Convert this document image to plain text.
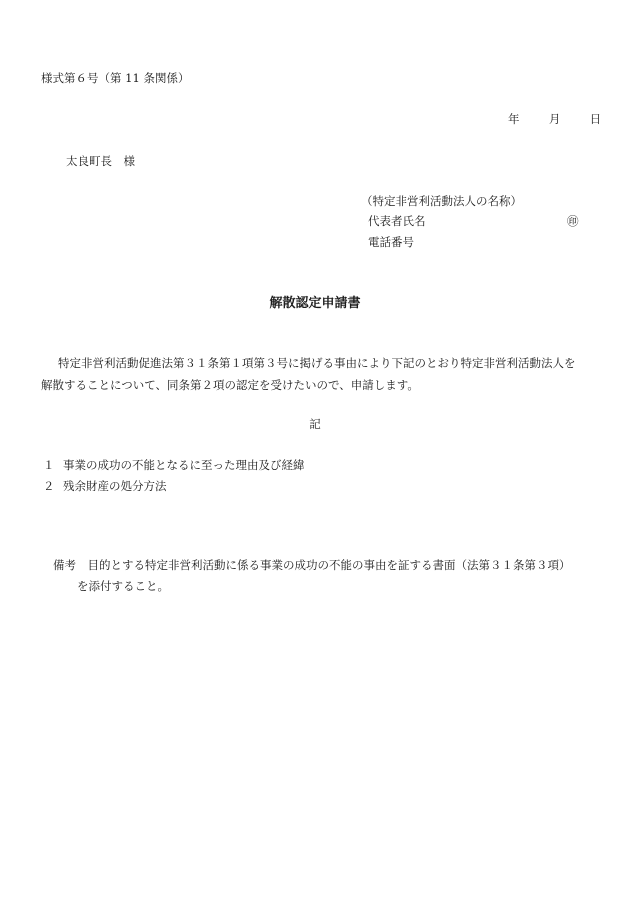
様式第６号（第 11 条関係）
年	月	日
太良町長　様
（特定非営利活動法人の名称）
代表者氏名	㊞
電話番号
解散認定申請書
特定非営利活動促進法第３１条第１項第３号に掲げる事由により下記のとおり特定非営利活動法人を
解散することについて、同条第２項の認定を受けたいので、申請します。
記
１ 事業の成功の不能となるに至った理由及び経緯
２ 残余財産の処分方法
備考　目的とする特定非営利活動に係る事業の成功の不能の事由を証する書面（法第３１条第３項）
を添付すること。
